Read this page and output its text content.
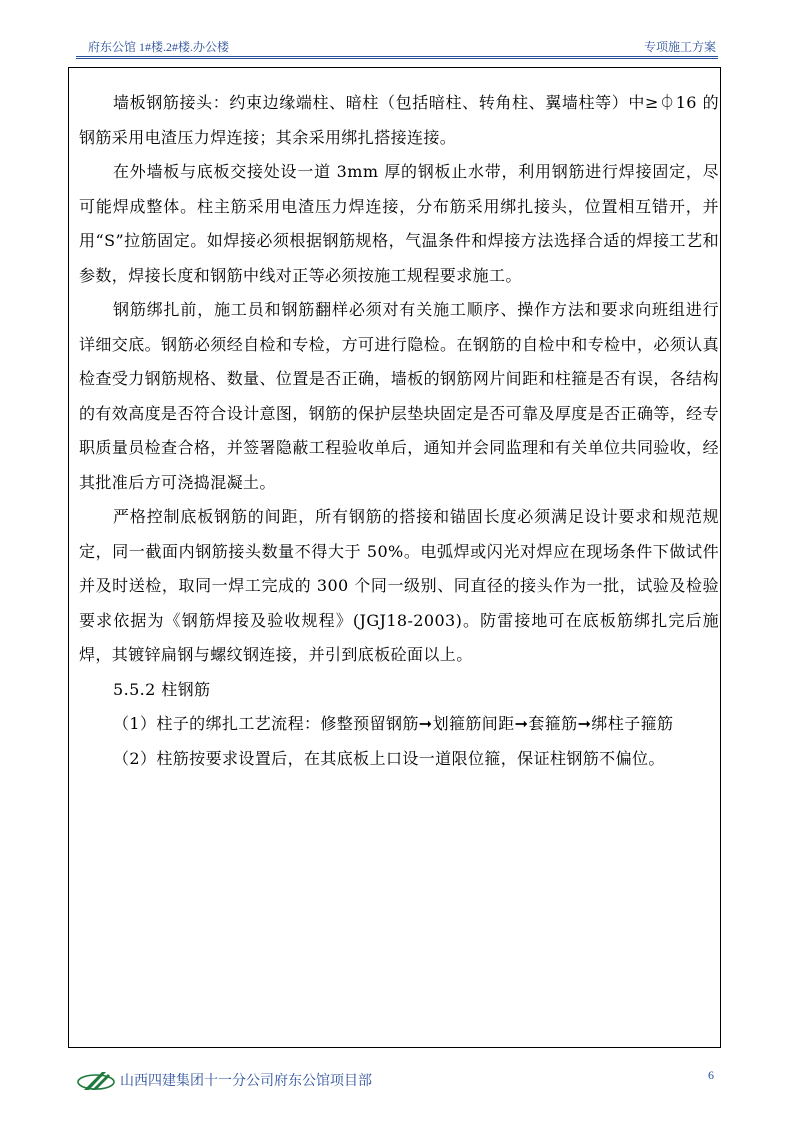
府东公馆 1#楼.2#楼.办公楼	专项施工方案

墙板钢筋接头：约束边缘端柱、暗柱（包括暗柱、转角柱、翼墙柱等）中≥⏀16 的钢筋采用电渣压力焊连接；其余采用绑扎搭接连接。

在外墙板与底板交接处设一道 3mm 厚的钢板止水带，利用钢筋进行焊接固定，尽可能焊成整体。柱主筋采用电渣压力焊连接，分布筋采用绑扎接头，位置相互错开，并用“S”拉筋固定。如焊接必须根据钢筋规格，气温条件和焊接方法选择合适的焊接工艺和参数，焊接长度和钢筋中线对正等必须按施工规程要求施工。

钢筋绑扎前，施工员和钢筋翻样必须对有关施工顺序、操作方法和要求向班组进行详细交底。钢筋必须经自检和专检，方可进行隐检。在钢筋的自检中和专检中，必须认真检查受力钢筋规格、数量、位置是否正确，墙板的钢筋网片间距和柱箍是否有误，各结构的有效高度是否符合设计意图，钢筋的保护层垫块固定是否可靠及厚度是否正确等，经专职质量员检查合格，并签署隐蔽工程验收单后，通知并会同监理和有关单位共同验收，经其批准后方可浇捣混凝土。

严格控制底板钢筋的间距，所有钢筋的搭接和锚固长度必须满足设计要求和规范规定，同一截面内钢筋接头数量不得大于 50%。电弧焊或闪光对焊应在现场条件下做试件并及时送检，取同一焊工完成的 300 个同一级别、同直径的接头作为一批，试验及检验要求依据为《钢筋焊接及验收规程》(JGJ18-2003)。防雷接地可在底板筋绑扎完后施焊，其镀锌扁钢与螺纹钢连接，并引到底板砼面以上。

5.5.2 柱钢筋

（1）柱子的绑扎工艺流程：修整预留钢筋➞划箍筋间距➞套箍筋➞绑柱子箍筋

（2）柱筋按要求设置后，在其底板上口设一道限位箍，保证柱钢筋不偏位。

山西四建集团十一分公司府东公馆项目部	6
